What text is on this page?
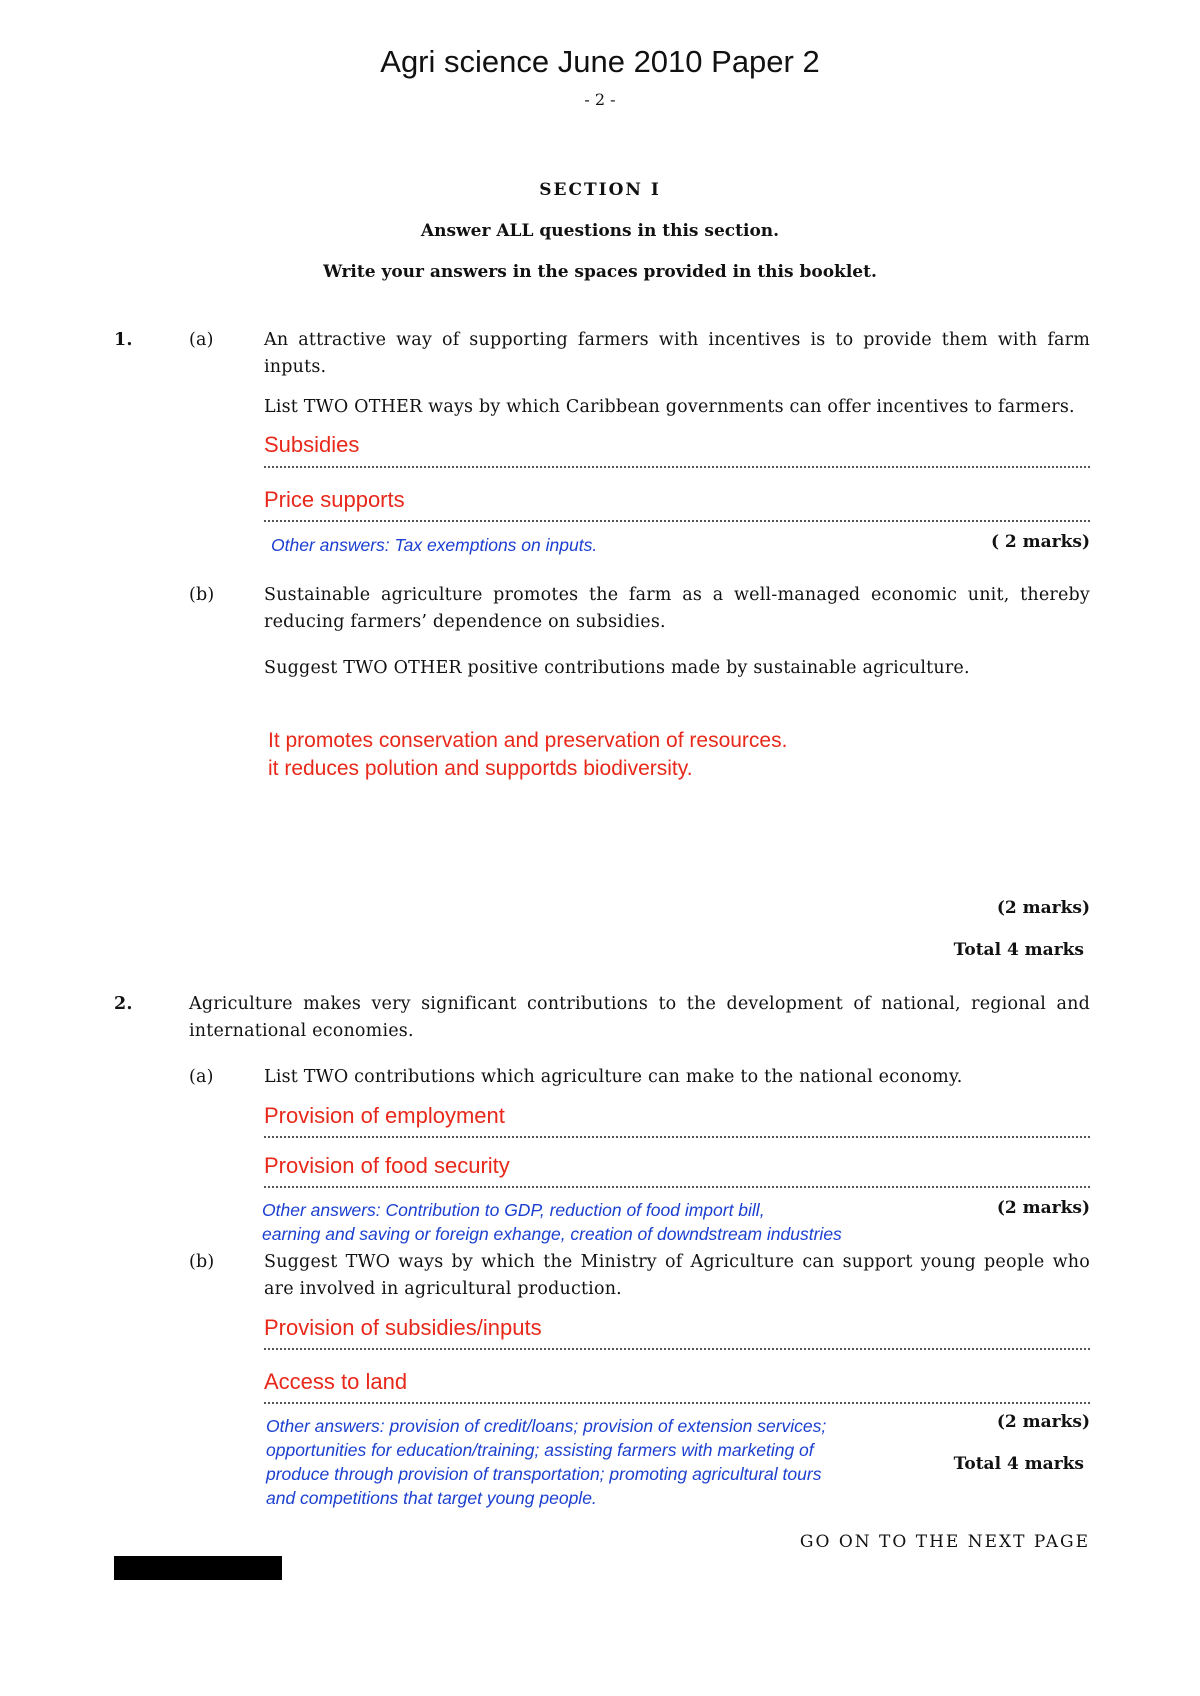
Agri science June 2010 Paper 2
- 2 -
SECTION I
Answer ALL questions in this section.
Write your answers in the spaces provided in this booklet.
1.	(a)	An attractive way of supporting farmers with incentives is to provide them with farm inputs.
List TWO OTHER ways by which Caribbean governments can offer incentives to farmers.
Subsidies
Price supports
Other answers: Tax exemptions on inputs.	( 2 marks)
(b)	Sustainable agriculture promotes the farm as a well-managed economic unit, thereby reducing farmers’ dependence on subsidies.
Suggest TWO OTHER positive contributions made by sustainable agriculture.
It promotes conservation and preservation of resources.
it reduces polution and supportds biodiversity.
(2 marks)
Total 4 marks
2.	Agriculture makes very significant contributions to the development of national, regional and international economies.
(a)	List TWO contributions which agriculture can make to the national economy.
Provision of employment
Provision of food security
Other answers: Contribution to GDP, reduction of food import bill,
earning and saving or foreign exhange, creation of downdstream industries
(2 marks)
(b)	Suggest TWO ways by which the Ministry of Agriculture can support young people who are involved in agricultural production.
Provision of subsidies/inputs
Access to land
Other answers: provision of credit/loans; provision of extension services;
opportunities for education/training; assisting farmers with marketing of
produce through provision of transportation; promoting agricultural tours
and competitions that target young people.
(2 marks)
Total 4 marks
GO ON TO THE NEXT PAGE
